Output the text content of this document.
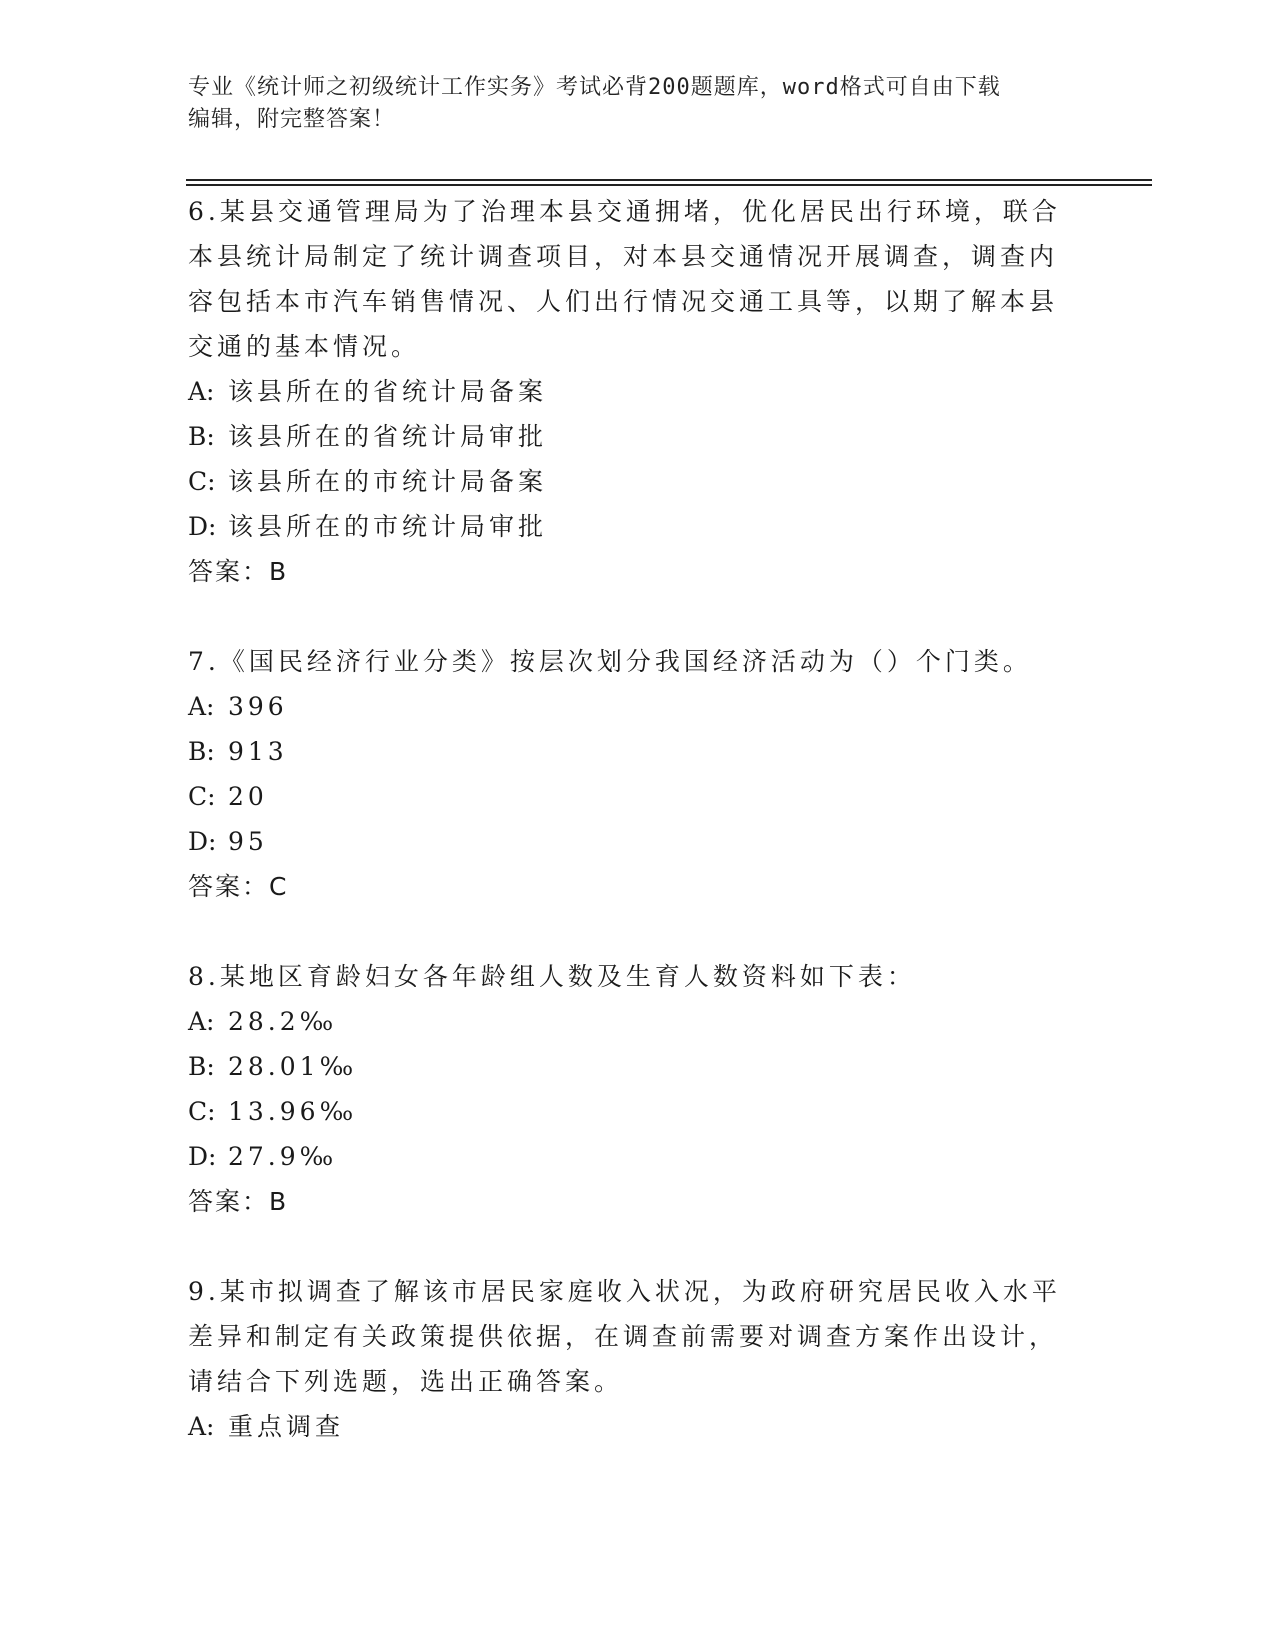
专业《统计师之初级统计工作实务》考试必背200题题库，word格式可自由下载
编辑，附完整答案！
6.某县交通管理局为了治理本县交通拥堵，优化居民出行环境，联合
本县统计局制定了统计调查项目，对本县交通情况开展调查，调查内
容包括本市汽车销售情况、人们出行情况交通工具等，以期了解本县
交通的基本情况。
A: 该县所在的省统计局备案
B: 该县所在的省统计局审批
C: 该县所在的市统计局备案
D: 该县所在的市统计局审批
答案：B
7.《国民经济行业分类》按层次划分我国经济活动为（）个门类。
A: 396
B: 913
C: 20
D: 95
答案：C
8.某地区育龄妇女各年龄组人数及生育人数资料如下表：
A: 28.2‰
B: 28.01‰
C: 13.96‰
D: 27.9‰
答案：B
9.某市拟调查了解该市居民家庭收入状况，为政府研究居民收入水平
差异和制定有关政策提供依据，在调查前需要对调查方案作出设计，
请结合下列选题，选出正确答案。
A: 重点调查
